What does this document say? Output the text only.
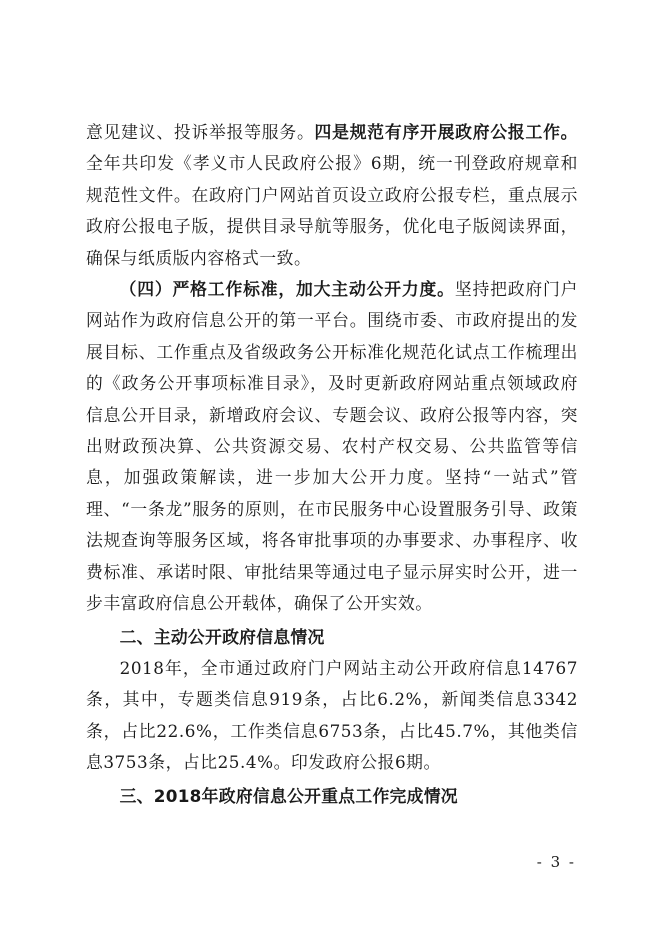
意见建议、投诉举报等服务。四是规范有序开展政府公报工作。全年共印发《孝义市人民政府公报》6期，统一刊登政府规章和规范性文件。在政府门户网站首页设立政府公报专栏，重点展示政府公报电子版，提供目录导航等服务，优化电子版阅读界面，确保与纸质版内容格式一致。

（四）严格工作标准，加大主动公开力度。坚持把政府门户网站作为政府信息公开的第一平台。围绕市委、市政府提出的发展目标、工作重点及省级政务公开标准化规范化试点工作梳理出的《政务公开事项标准目录》，及时更新政府网站重点领域政府信息公开目录，新增政府会议、专题会议、政府公报等内容，突出财政预决算、公共资源交易、农村产权交易、公共监管等信息，加强政策解读，进一步加大公开力度。坚持“一站式”管理、“一条龙”服务的原则，在市民服务中心设置服务引导、政策法规查询等服务区域，将各审批事项的办事要求、办事程序、收费标准、承诺时限、审批结果等通过电子显示屏实时公开，进一步丰富政府信息公开载体，确保了公开实效。

二、主动公开政府信息情况

2018年，全市通过政府门户网站主动公开政府信息14767条，其中，专题类信息919条，占比6.2%，新闻类信息3342条，占比22.6%，工作类信息6753条，占比45.7%，其他类信息3753条，占比25.4%。印发政府公报6期。

三、2018年政府信息公开重点工作完成情况

- 3 -
